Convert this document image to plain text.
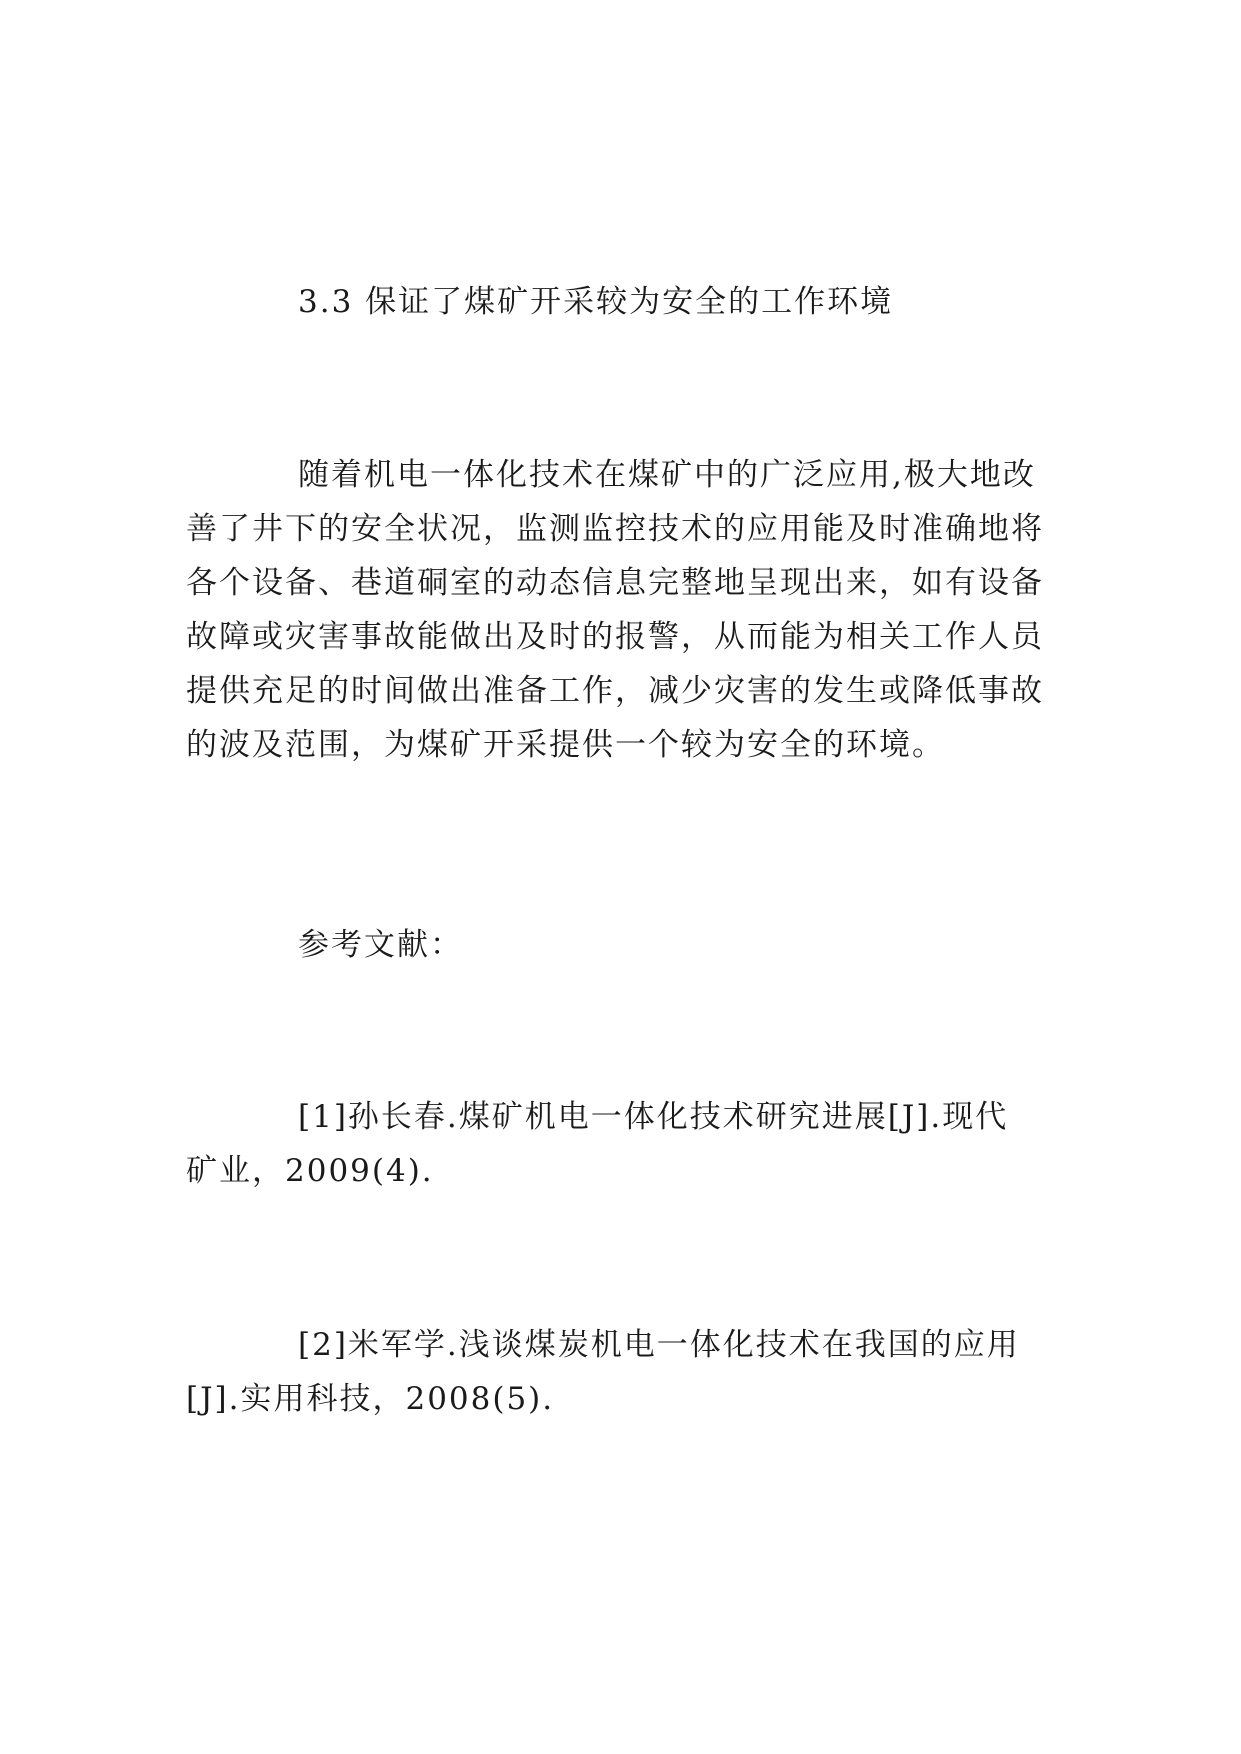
3.3 保证了煤矿开采较为安全的工作环境
随着机电一体化技术在煤矿中的广泛应用,极大地改
善了井下的安全状况，监测监控技术的应用能及时准确地将
各个设备、巷道硐室的动态信息完整地呈现出来，如有设备
故障或灾害事故能做出及时的报警，从而能为相关工作人员
提供充足的时间做出准备工作，减少灾害的发生或降低事故
的波及范围，为煤矿开采提供一个较为安全的环境。
参考文献：
[1]孙长春.煤矿机电一体化技术研究进展[J].现代
矿业，2009(4).
[2]米军学.浅谈煤炭机电一体化技术在我国的应用
[J].实用科技，2008(5).
